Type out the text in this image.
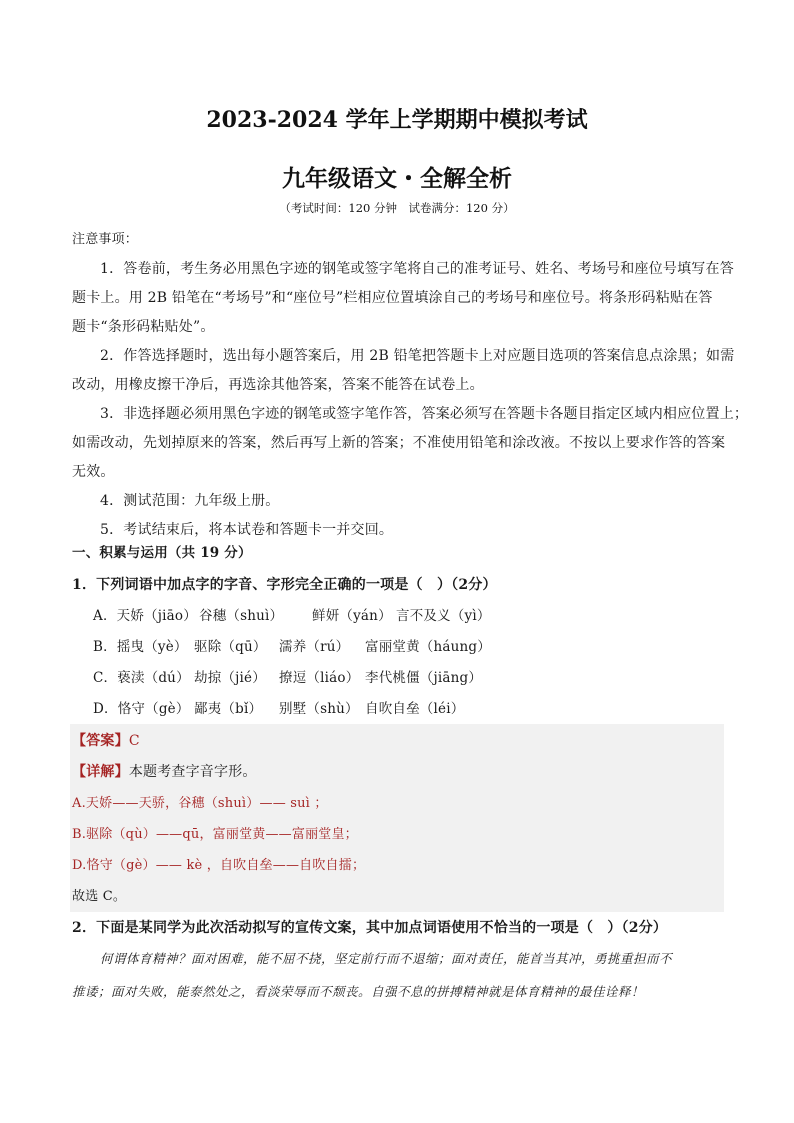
2023-2024 学年上学期期中模拟考试
九年级语文・全解全析
（考试时间：120 分钟　试卷满分：120 分）
注意事项：
1．答卷前，考生务必用黑色字迹的钢笔或签字笔将自己的准考证号、姓名、考场号和座位号填写在答
题卡上。用 2B 铅笔在“考场号”和“座位号”栏相应位置填涂自己的考场号和座位号。将条形码粘贴在答
题卡“条形码粘贴处”。
2．作答选择题时，选出每小题答案后，用 2B 铅笔把答题卡上对应题目选项的答案信息点涂黑；如需
改动，用橡皮擦干净后，再选涂其他答案，答案不能答在试卷上。
3．非选择题必须用黑色字迹的钢笔或签字笔作答，答案必须写在答题卡各题目指定区域内相应位置上；
如需改动，先划掉原来的答案，然后再写上新的答案；不准使用铅笔和涂改液。不按以上要求作答的答案
无效。
4．测试范围：九年级上册。
5．考试结束后，将本试卷和答题卡一并交回。
一、积累与运用（共 19 分）
1．下列词语中加点字的字音、字形完全正确的一项是（　）（2分）
A．天娇（jiāo） 谷穗（shuì） 鲜妍（yán） 言不及义（yì）
B．摇曳（yè） 驱除（qū） 濡养（rú） 富丽堂黄（háung）
C．亵渎（dú） 劫掠（jié） 撩逗（liáo） 李代桃僵（jiāng）
D．恪守（gè） 鄙夷（bǐ） 别墅（shù） 自吹自垒（léi）
【答案】C
【详解】本题考查字音字形。
A.天娇——天骄，谷穗（shuì）—— suì ；
B.驱除（qù）——qū，富丽堂黄——富丽堂皇；
D.恪守（gè）—— kè ，自吹自垒——自吹自擂；
故选 C。
2．下面是某同学为此次活动拟写的宣传文案，其中加点词语使用不恰当的一项是（　）（2分）
何谓体育精神？面对困难，能不屈不挠，坚定前行而不退缩；面对责任，能首当其冲，勇挑重担而不
推诿；面对失败，能泰然处之，看淡荣辱而不颓丧。自强不息的拼搏精神就是体育精神的最佳诠释！
